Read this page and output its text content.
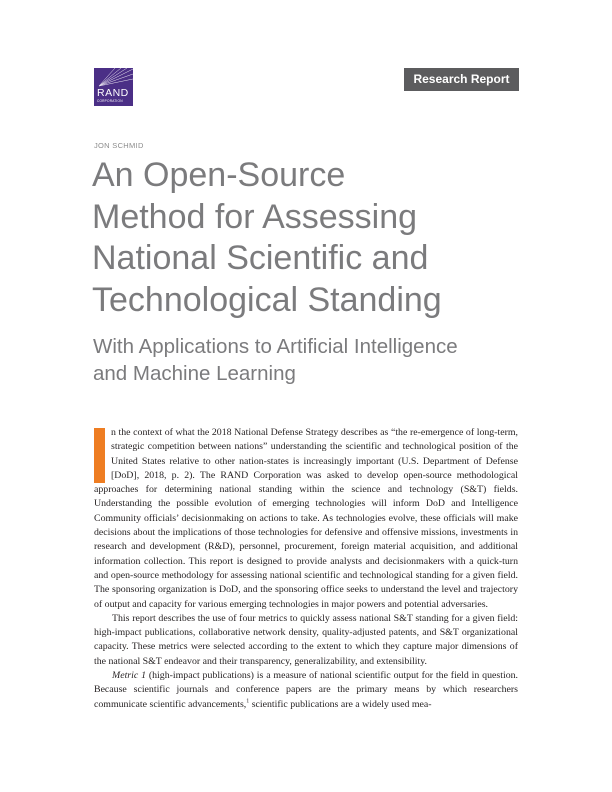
RAND
CORPORATION
Research Report
JON SCHMID
An Open-Source
Method for Assessing
National Scientific and
Technological Standing
With Applications to Artificial Intelligence
and Machine Learning

n the context of what the 2018 National Defense Strategy describes as “the re-emergence of long-term, strategic competition between nations” understanding the scientific and technological position of the United States relative to other nation-states is increasingly important (U.S. Department of Defense [DoD], 2018, p. 2). The RAND Corporation was asked to develop open-source methodological approaches for determining national standing within the science and technology (S&T) fields. Understanding the possible evolution of emerging technologies will inform DoD and Intelligence Community officials’ decisionmaking on actions to take. As technologies evolve, these officials will make decisions about the implications of those technologies for defensive and offensive missions, investments in research and development (R&D), personnel, procurement, foreign material acquisition, and additional information collection. This report is designed to provide analysts and decisionmakers with a quick-turn and open-source methodology for assessing national scientific and technological standing for a given field. The sponsoring organization is DoD, and the sponsoring office seeks to understand the level and trajectory of output and capacity for various emerging technologies in major powers and potential adversaries.

This report describes the use of four metrics to quickly assess national S&T standing for a given field: high-impact publications, collaborative network density, quality-adjusted patents, and S&T organizational capacity. These metrics were selected according to the extent to which they capture major dimensions of the national S&T endeavor and their transparency, generalizability, and extensibility.

Metric 1 (high-impact publications) is a measure of national scientific output for the field in question. Because scientific journals and conference papers are the primary means by which researchers communicate scientific advancements,$^1$ scientific publications are a widely used mea-
